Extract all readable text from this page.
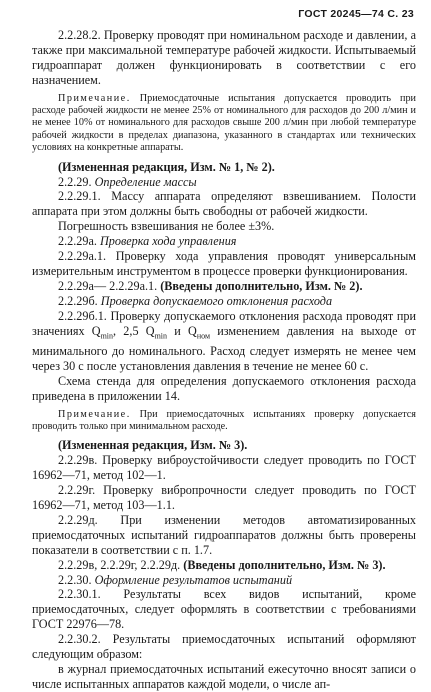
ГОСТ 20245—74 С. 23

2.2.28.2. Проверку проводят при номинальном расходе и давлении, а также при максимальной температуре рабочей жидкости. Испытываемый гидроаппарат должен функционировать в соответствии с его назначением.

Примечание. Приемосдаточные испытания допускается проводить при расходе рабочей жидкости не менее 25% от номинального для расходов до 200 л/мин и не менее 10% от номинального для расходов свыше 200 л/мин при любой температуре рабочей жидкости в пределах диапазона, указанного в стандартах или технических условиях на конкретные аппараты.

(Измененная редакция, Изм. № 1, № 2).

2.2.29. Определение массы

2.2.29.1. Массу аппарата определяют взвешиванием. Полости аппарата при этом должны быть свободны от рабочей жидкости.

Погрешность взвешивания не более ±3%.

2.2.29а. Проверка хода управления

2.2.29а.1. Проверку хода управления проводят универсальным измерительным инструментом в процессе проверки функционирования.

2.2.29а— 2.2.29а.1. (Введены дополнительно, Изм. № 2).

2.2.29б. Проверка допускаемого отклонения расхода

2.2.29б.1. Проверку допускаемого отклонения расхода проводят при значениях $Q_{min}$, 2,5 $Q_{min}$ и $Q_{ном}$ изменением давления на выходе от минимального до номинального. Расход следует измерять не менее чем через 30 с после установления давления в течение не менее 60 с.

Схема стенда для определения допускаемого отклонения расхода приведена в приложении 14.

Примечание. При приемосдаточных испытаниях проверку допускается проводить только при минимальном расходе.

(Измененная редакция, Изм. № 3).

2.2.29в. Проверку виброустойчивости следует проводить по ГОСТ 16962—71, метод 102—1.

2.2.29г. Проверку вибропрочности следует проводить по ГОСТ 16962—71, метод 103—1.1.

2.2.29д. При изменении методов автоматизированных приемосдаточных испытаний гидроаппаратов должны быть проверены показатели в соответствии с п. 1.7.

2.2.29в, 2.2.29г, 2.2.29д. (Введены дополнительно, Изм. № 3).

2.2.30. Оформление результатов испытаний

2.2.30.1. Результаты всех видов испытаний, кроме приемосдаточных, следует оформлять в соответствии с требованиями ГОСТ 22976—78.

2.2.30.2. Результаты приемосдаточных испытаний оформляют следующим образом:

в журнал приемосдаточных испытаний ежесуточно вносят записи о числе испытанных аппаратов каждой модели, о числе ап-
